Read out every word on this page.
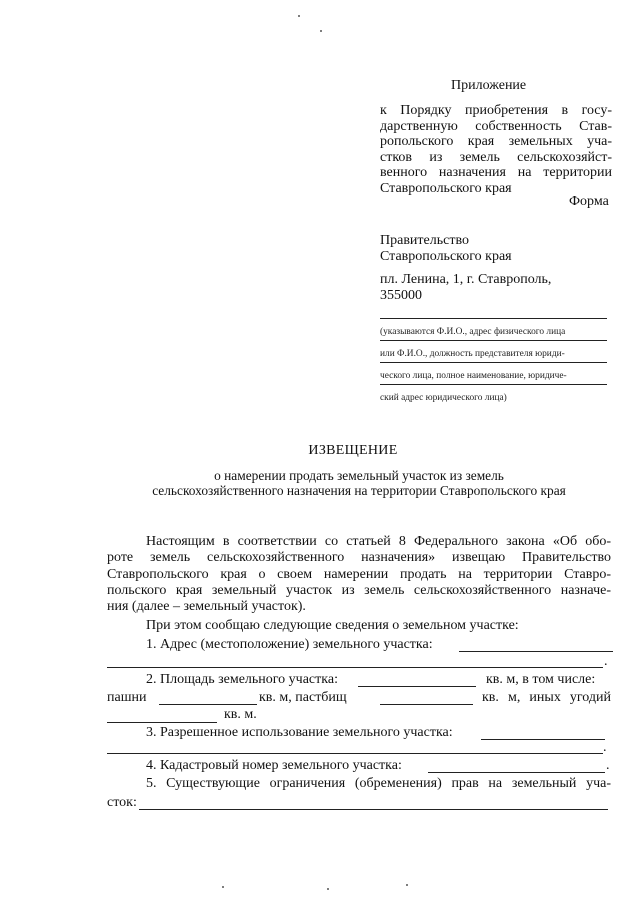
Приложение
к Порядку приобретения в госу-
дарственную собственность Став-
ропольского края земельных уча-
стков из земель сельскохозяйст-
венного назначения на территории
Ставропольского края
Форма
Правительство
Ставропольского края
пл. Ленина, 1, г. Ставрополь,
355000
(указываются Ф.И.О., адрес физического лица
или Ф.И.О., должность представителя юриди-
ческого лица, полное наименование, юридиче-
ский адрес юридического лица)
ИЗВЕЩЕНИЕ
о намерении продать земельный участок из земель
сельскохозяйственного назначения на территории Ставропольского края
Настоящим в соответствии со статьей 8 Федерального закона «Об обо-
роте земель сельскохозяйственного назначения» извещаю Правительство
Ставропольского края о своем намерении продать на территории Ставро-
польского края земельный участок из земель сельскохозяйственного назначе-
ния (далее – земельный участок).
При этом сообщаю следующие сведения о земельном участке:
1. Адрес (местоположение) земельного участка:
.
2. Площадь земельного участка:	кв. м, в том числе:
пашни	кв. м, пастбищ	кв. м, иных угодий
кв. м.
3. Разрешенное использование земельного участка:
.
4. Кадастровый номер земельного участка:	.
5. Существующие ограничения (обременения) прав на земельный уча-
сток:
